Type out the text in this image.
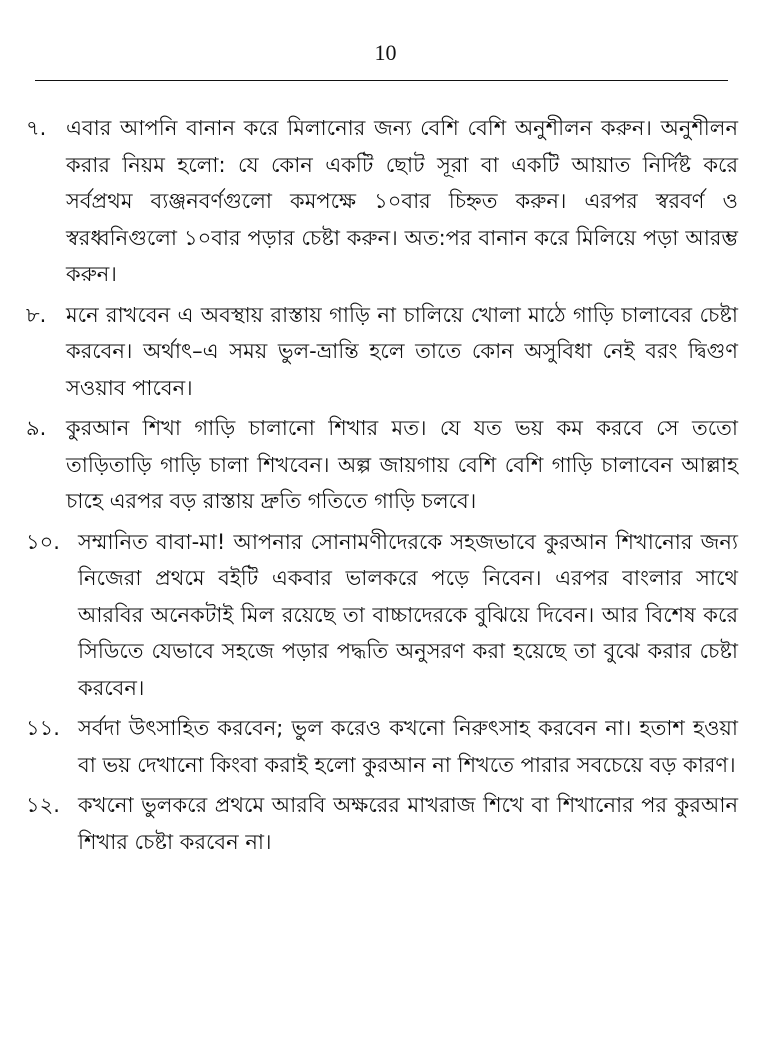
10
৭. এবার আপনি বানান করে মিলানোর জন্য বেশি বেশি অনুশীলন করুন। অনুশীলন করার নিয়ম হলো: যে কোন একটি ছোট সূরা বা একটি আয়াত নির্দিষ্ট করে সর্বপ্রথম ব্যঞ্জনবর্ণগুলো কমপক্ষে ১০বার চিহ্নত করুন। এরপর স্বরবর্ণ ও স্বরধ্বনিগুলো ১০বার পড়ার চেষ্টা করুন। অত:পর বানান করে মিলিয়ে পড়া আরম্ভ করুন।
৮. মনে রাখবেন এ অবস্থায় রাস্তায় গাড়ি না চালিয়ে খোলা মাঠে গাড়ি চালাবের চেষ্টা করবেন। অর্থাৎ–এ সময় ভুল-ভ্রান্তি হলে তাতে কোন অসুবিধা নেই বরং দ্বিগুণ সওয়াব পাবেন।
৯. কুরআন শিখা গাড়ি চালানো শিখার মত। যে যত ভয় কম করবে সে ততো তাড়িতাড়ি গাড়ি চালা শিখবেন। অল্প জায়গায় বেশি বেশি গাড়ি চালাবেন আল্লাহ চাহে এরপর বড় রাস্তায় দ্রুতি গতিতে গাড়ি চলবে।
১০. সম্মানিত বাবা-মা! আপনার সোনামণীদেরকে সহজভাবে কুরআন শিখানোর জন্য নিজেরা প্রথমে বইটি একবার ভালকরে পড়ে নিবেন। এরপর বাংলার সাথে আরবির অনেকটাই মিল রয়েছে তা বাচ্চাদেরকে বুঝিয়ে দিবেন। আর বিশেষ করে সিডিতে যেভাবে সহজে পড়ার পদ্ধতি অনুসরণ করা হয়েছে তা বুঝে করার চেষ্টা করবেন।
১১. সর্বদা উৎসাহিত করবেন; ভুল করেও কখনো নিরুৎসাহ করবেন না। হতাশ হওয়া বা ভয় দেখানো কিংবা করাই হলো কুরআন না শিখতে পারার সবচেয়ে বড় কারণ।
১২. কখনো ভুলকরে প্রথমে আরবি অক্ষরের মাখরাজ শিখে বা শিখানোর পর কুরআন শিখার চেষ্টা করবেন না।
